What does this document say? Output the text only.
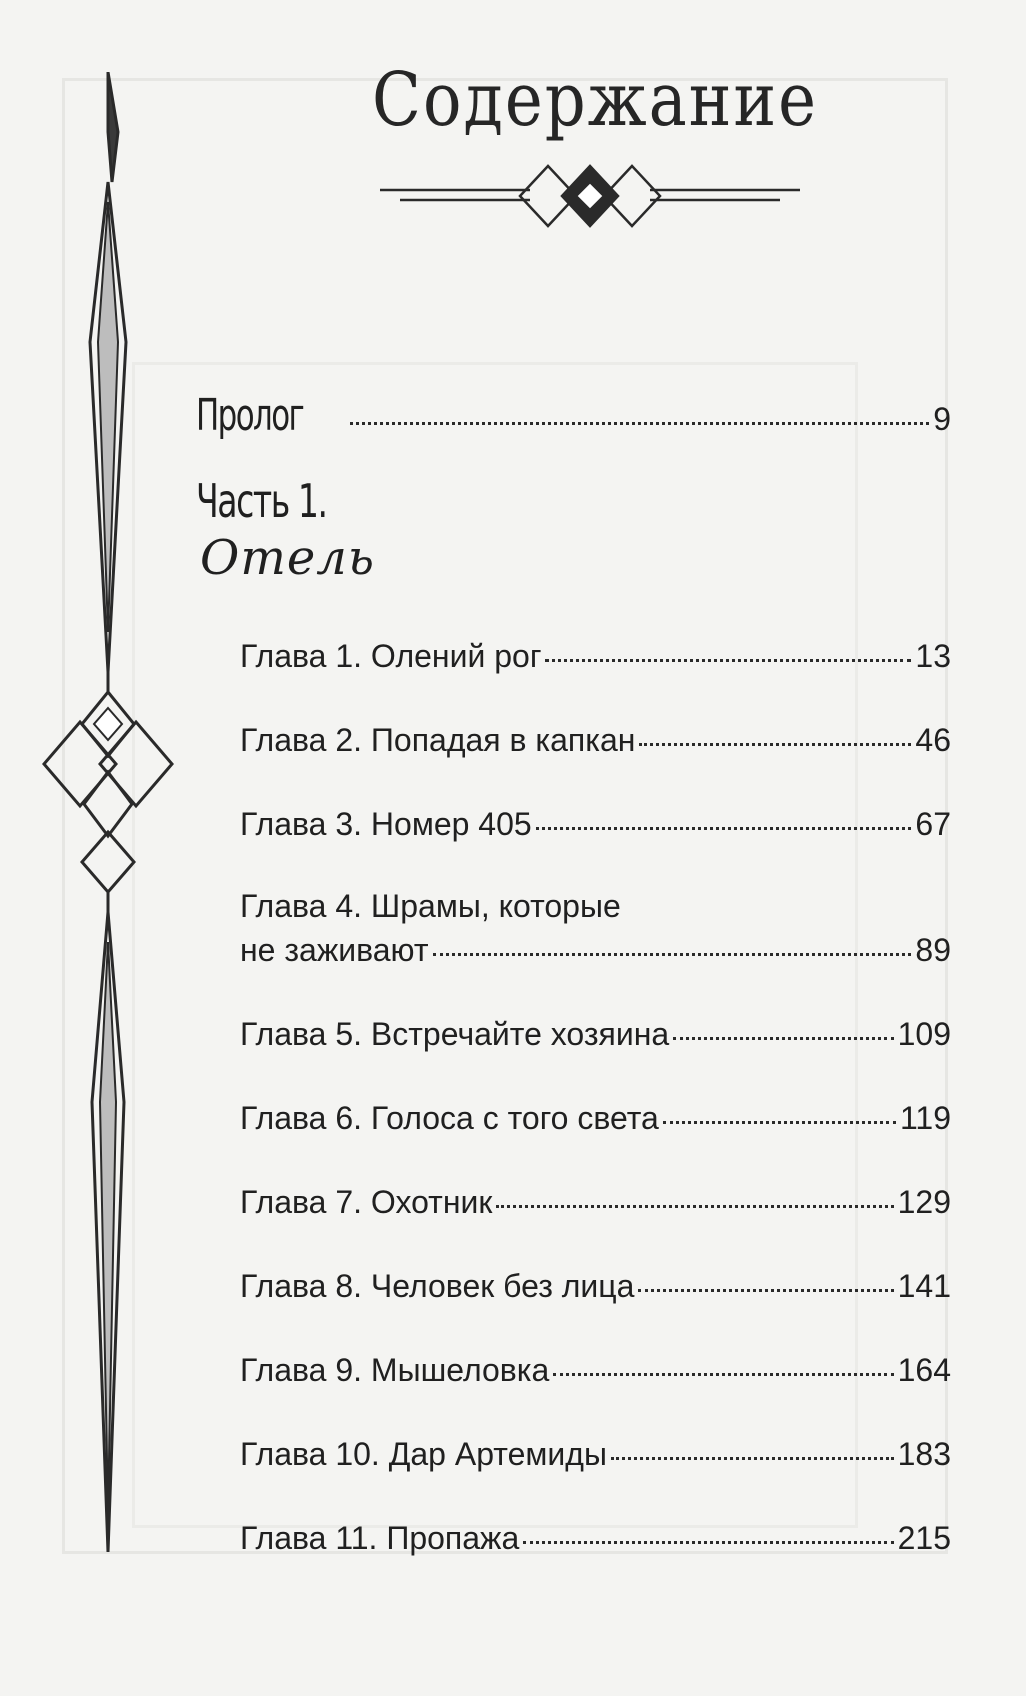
Содержание
Пролог	9
Часть 1.
Отель
Глава 1. Олений рог	13
Глава 2. Попадая в капкан	46
Глава 3. Номер 405	67
Глава 4. Шрамы, которые
не заживают	89
Глава 5. Встречайте хозяина	109
Глава 6. Голоса с того света	119
Глава 7. Охотник	129
Глава 8. Человек без лица	141
Глава 9. Мышеловка	164
Глава 10. Дар Артемиды	183
Глава 11. Пропажа	215
